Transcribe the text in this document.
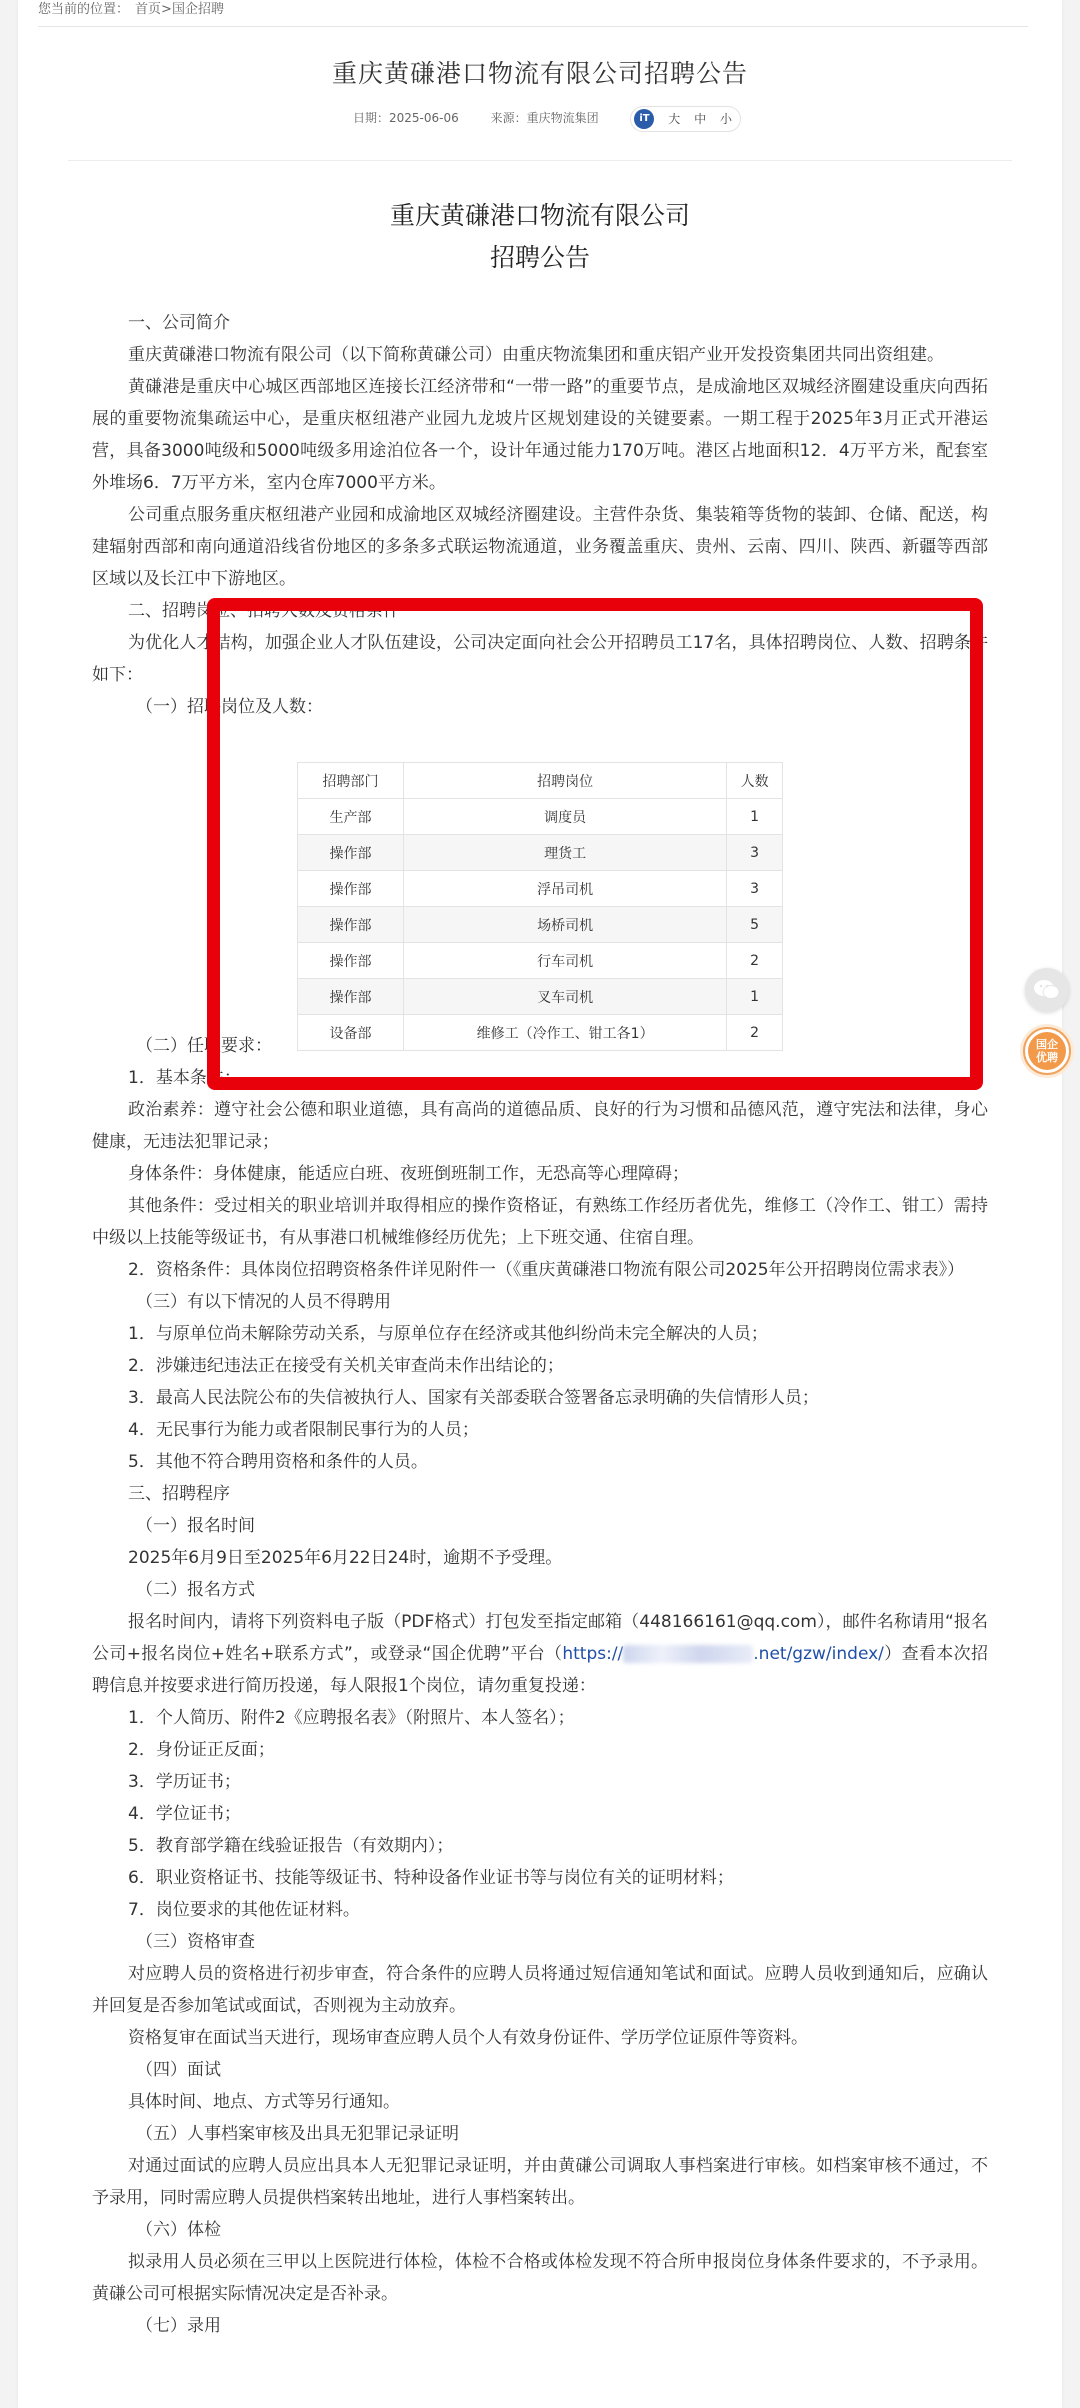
您当前的位置： 首页>国企招聘
重庆黄磏港口物流有限公司招聘公告
日期：2025-06-06	来源：重庆物流集团	iT 大 中 小
重庆黄磏港口物流有限公司
招聘公告

一、公司简介

重庆黄磏港口物流有限公司（以下简称黄磏公司）由重庆物流集团和重庆铝产业开发投资集团共同出资组建。

黄磏港是重庆中心城区西部地区连接长江经济带和“一带一路”的重要节点，是成渝地区双城经济圈建设重庆向西拓展的重要物流集疏运中心，是重庆枢纽港产业园九龙坡片区规划建设的关键要素。一期工程于2025年3月正式开港运营，具备3000吨级和5000吨级多用途泊位各一个，设计年通过能力170万吨。港区占地面积12．4万平方米，配套室外堆场6．7万平方米，室内仓库7000平方米。

公司重点服务重庆枢纽港产业园和成渝地区双城经济圈建设。主营件杂货、集装箱等货物的装卸、仓储、配送，构建辐射西部和南向通道沿线省份地区的多条多式联运物流通道，业务覆盖重庆、贵州、云南、四川、陕西、新疆等西部区域以及长江中下游地区。

二、招聘岗位、招聘人数及资格条件

为优化人才结构，加强企业人才队伍建设，公司决定面向社会公开招聘员工17名，具体招聘岗位、人数、招聘条件如下：

（一）招聘岗位及人数：

招聘部门	招聘岗位	人数
生产部	调度员	1
操作部	理货工	3
操作部	浮吊司机	3
操作部	场桥司机	5
操作部	行车司机	2
操作部	叉车司机	1
设备部	维修工（冷作工、钳工各1）	2

（二）任职要求：

1．基本条件：

政治素养：遵守社会公德和职业道德，具有高尚的道德品质、良好的行为习惯和品德风范，遵守宪法和法律，身心健康，无违法犯罪记录；

身体条件：身体健康，能适应白班、夜班倒班制工作，无恐高等心理障碍；

其他条件：受过相关的职业培训并取得相应的操作资格证，有熟练工作经历者优先，维修工（冷作工、钳工）需持中级以上技能等级证书，有从事港口机械维修经历优先；上下班交通、住宿自理。

2．资格条件：具体岗位招聘资格条件详见附件一（《重庆黄磏港口物流有限公司2025年公开招聘岗位需求表》）

（三）有以下情况的人员不得聘用

1．与原单位尚未解除劳动关系，与原单位存在经济或其他纠纷尚未完全解决的人员；

2．涉嫌违纪违法正在接受有关机关审查尚未作出结论的；

3．最高人民法院公布的失信被执行人、国家有关部委联合签署备忘录明确的失信情形人员；

4．无民事行为能力或者限制民事行为的人员；

5．其他不符合聘用资格和条件的人员。

三、招聘程序

（一）报名时间

2025年6月9日至2025年6月22日24时，逾期不予受理。

（二）报名方式

报名时间内，请将下列资料电子版（PDF格式）打包发至指定邮箱（448166161@qq.com），邮件名称请用“报名公司+报名岗位+姓名+联系方式”，或登录“国企优聘”平台（https://	.net/gzw/index/）查看本次招聘信息并按要求进行简历投递，每人限报1个岗位，请勿重复投递：

1．个人简历、附件2《应聘报名表》（附照片、本人签名）；

2．身份证正反面；

3．学历证书；

4．学位证书；

5．教育部学籍在线验证报告（有效期内）；

6．职业资格证书、技能等级证书、特种设备作业证书等与岗位有关的证明材料；

7．岗位要求的其他佐证材料。

（三）资格审查

对应聘人员的资格进行初步审查，符合条件的应聘人员将通过短信通知笔试和面试。应聘人员收到通知后，应确认并回复是否参加笔试或面试，否则视为主动放弃。

资格复审在面试当天进行，现场审查应聘人员个人有效身份证件、学历学位证原件等资料。

（四）面试

具体时间、地点、方式等另行通知。

（五）人事档案审核及出具无犯罪记录证明

对通过面试的应聘人员应出具本人无犯罪记录证明，并由黄磏公司调取人事档案进行审核。如档案审核不通过，不予录用，同时需应聘人员提供档案转出地址，进行人事档案转出。

（六）体检

拟录用人员必须在三甲以上医院进行体检，体检不合格或体检发现不符合所申报岗位身体条件要求的，不予录用。黄磏公司可根据实际情况决定是否补录。

（七）录用

国企
优聘
